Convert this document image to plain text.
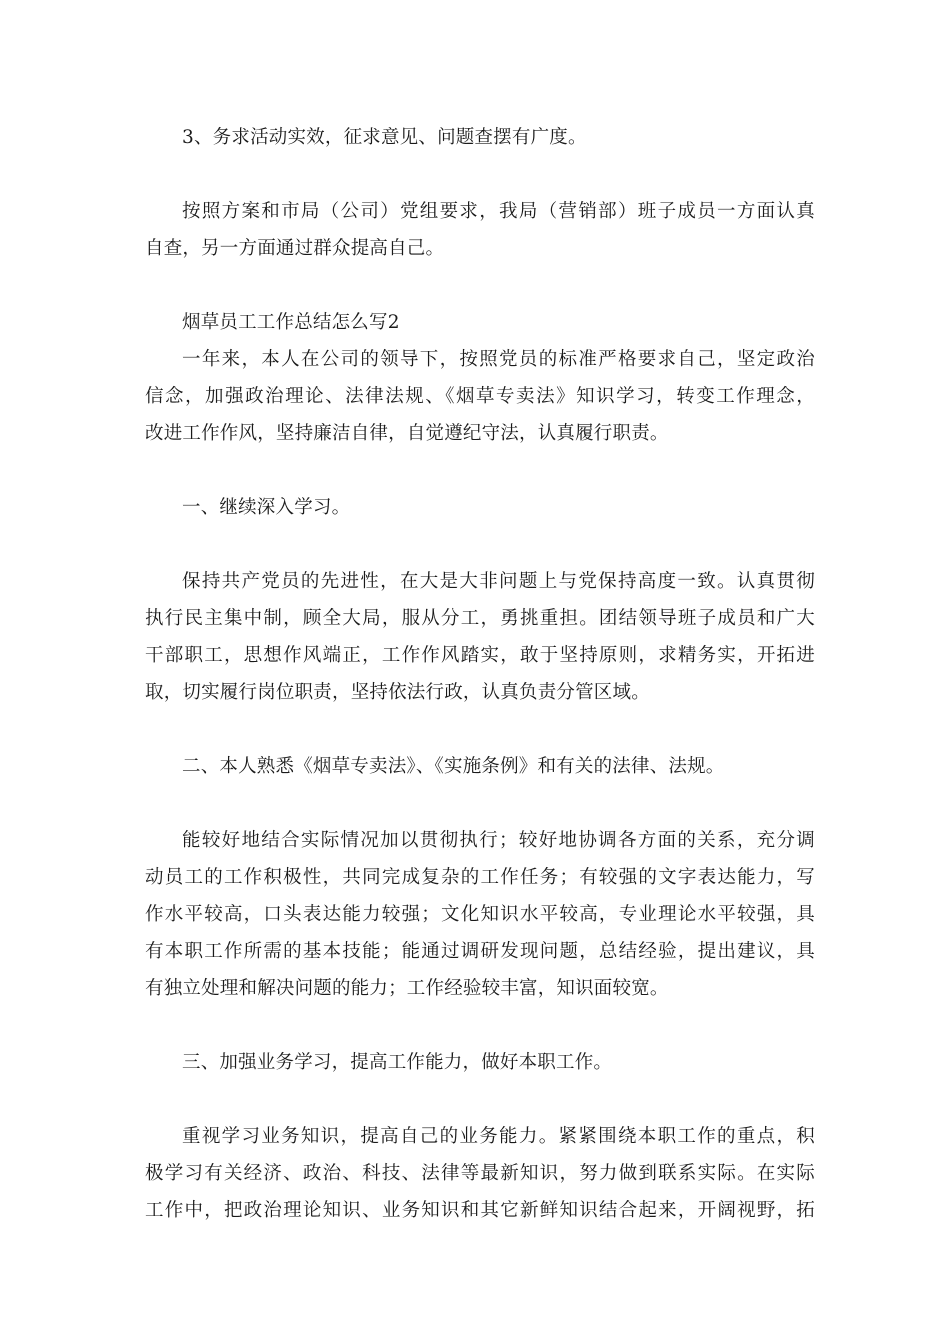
3、务求活动实效，征求意见、问题查摆有广度。
按照方案和市局（公司）党组要求，我局（营销部）班子成员一方面认真
自查，另一方面通过群众提高自己。
烟草员工工作总结怎么写2
一年来，本人在公司的领导下，按照党员的标准严格要求自己，坚定政治
信念，加强政治理论、法律法规、《烟草专卖法》知识学习，转变工作理念，
改进工作作风，坚持廉洁自律，自觉遵纪守法，认真履行职责。
一、继续深入学习。
保持共产党员的先进性，在大是大非问题上与党保持高度一致。认真贯彻
执行民主集中制，顾全大局，服从分工，勇挑重担。团结领导班子成员和广大
干部职工，思想作风端正，工作作风踏实，敢于坚持原则，求精务实，开拓进
取，切实履行岗位职责，坚持依法行政，认真负责分管区域。
二、本人熟悉《烟草专卖法》、《实施条例》和有关的法律、法规。
能较好地结合实际情况加以贯彻执行；较好地协调各方面的关系，充分调
动员工的工作积极性，共同完成复杂的工作任务；有较强的文字表达能力，写
作水平较高，口头表达能力较强；文化知识水平较高，专业理论水平较强，具
有本职工作所需的基本技能；能通过调研发现问题，总结经验，提出建议，具
有独立处理和解决问题的能力；工作经验较丰富，知识面较宽。
三、加强业务学习，提高工作能力，做好本职工作。
重视学习业务知识，提高自己的业务能力。紧紧围绕本职工作的重点，积
极学习有关经济、政治、科技、法律等最新知识，努力做到联系实际。在实际
工作中，把政治理论知识、业务知识和其它新鲜知识结合起来，开阔视野，拓
